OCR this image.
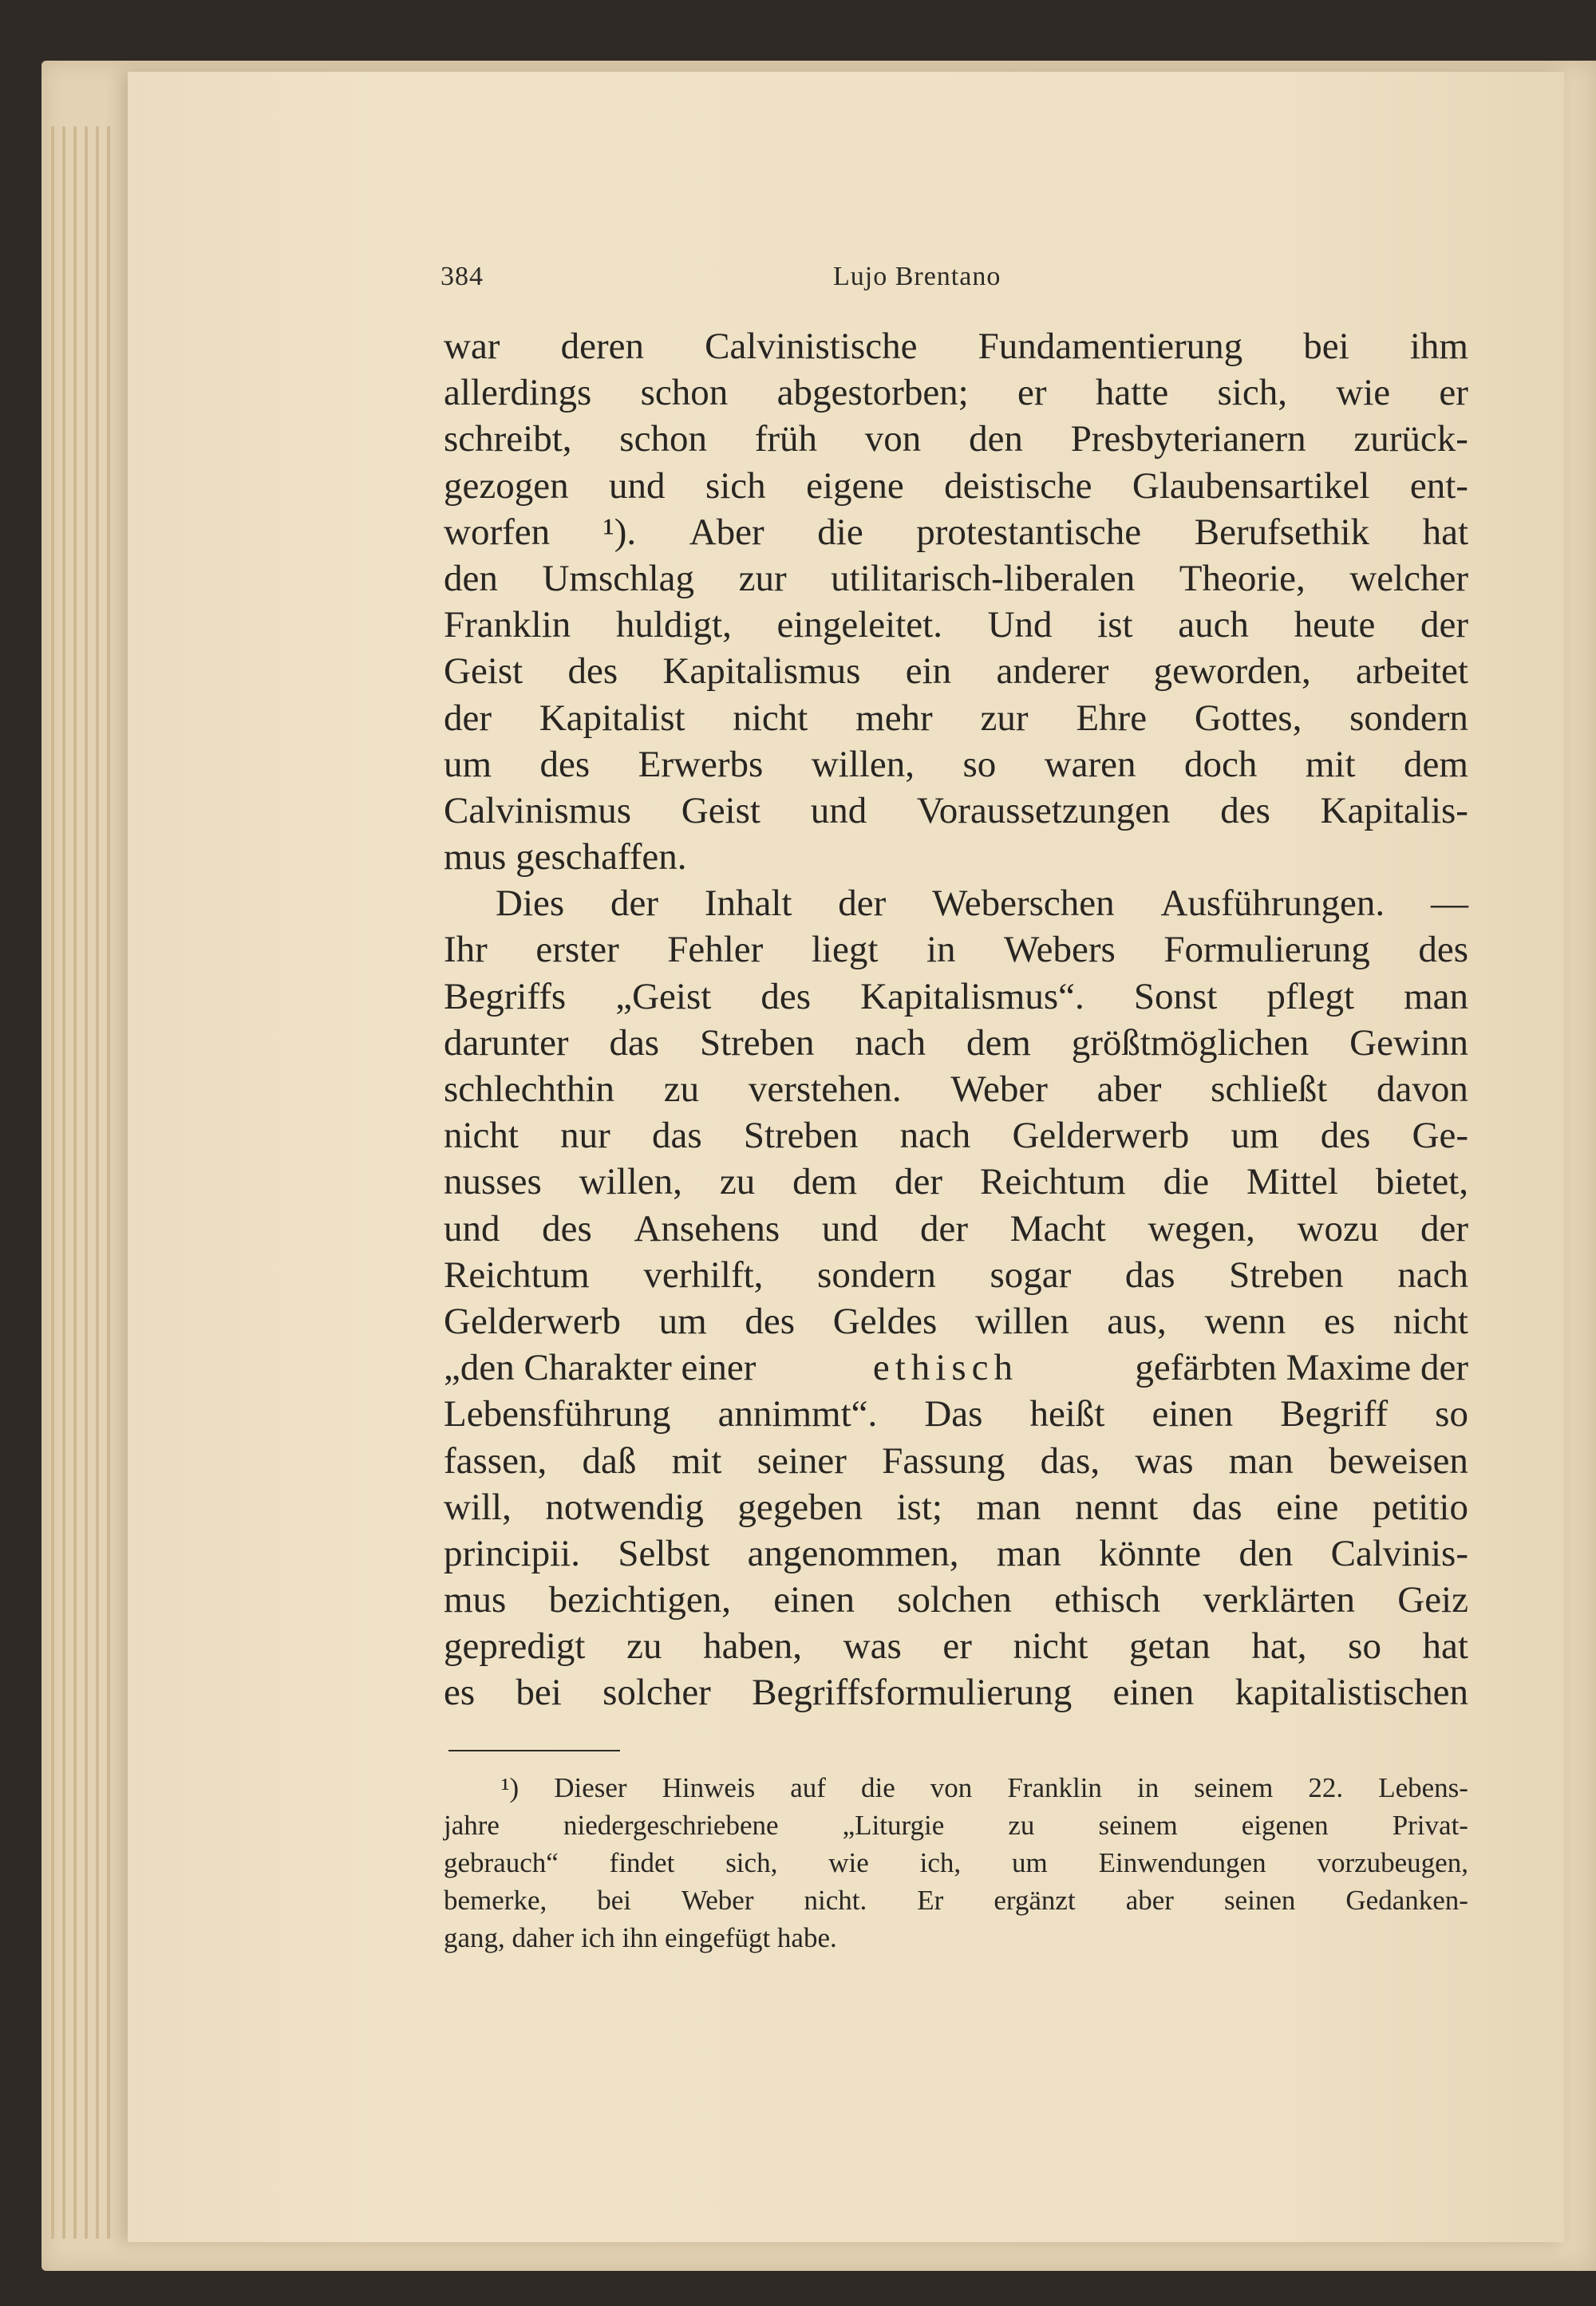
384	Lujo Brentano
war deren Calvinistische Fundamentierung bei ihm
allerdings schon abgestorben; er hatte sich, wie er
schreibt, schon früh von den Presbyterianern zurück-
gezogen und sich eigene deistische Glaubensartikel ent-
worfen ¹). Aber die protestantische Berufsethik hat
den Umschlag zur utilitarisch-liberalen Theorie, welcher
Franklin huldigt, eingeleitet. Und ist auch heute der
Geist des Kapitalismus ein anderer geworden, arbeitet
der Kapitalist nicht mehr zur Ehre Gottes, sondern
um des Erwerbs willen, so waren doch mit dem
Calvinismus Geist und Voraussetzungen des Kapitalis-
mus geschaffen.
Dies der Inhalt der Weberschen Ausführungen. —
Ihr erster Fehler liegt in Webers Formulierung des
Begriffs „Geist des Kapitalismus“. Sonst pflegt man
darunter das Streben nach dem größtmöglichen Gewinn
schlechthin zu verstehen. Weber aber schließt davon
nicht nur das Streben nach Gelderwerb um des Ge-
nusses willen, zu dem der Reichtum die Mittel bietet,
und des Ansehens und der Macht wegen, wozu der
Reichtum verhilft, sondern sogar das Streben nach
Gelderwerb um des Geldes willen aus, wenn es nicht
„den Charakter einer	ethisch	gefärbten Maxime der
Lebensführung annimmt“. Das heißt einen Begriff so
fassen, daß mit seiner Fassung das, was man beweisen
will, notwendig gegeben ist; man nennt das eine petitio
principii. Selbst angenommen, man könnte den Calvinis-
mus bezichtigen, einen solchen ethisch verklärten Geiz
gepredigt zu haben, was er nicht getan hat, so hat
es bei solcher Begriffsformulierung einen kapitalistischen
¹) Dieser Hinweis auf die von Franklin in seinem 22. Lebens-
jahre niedergeschriebene „Liturgie zu seinem eigenen Privat-
gebrauch“ findet sich, wie ich, um Einwendungen vorzubeugen,
bemerke, bei Weber nicht. Er ergänzt aber seinen Gedanken-
gang, daher ich ihn eingefügt habe.
